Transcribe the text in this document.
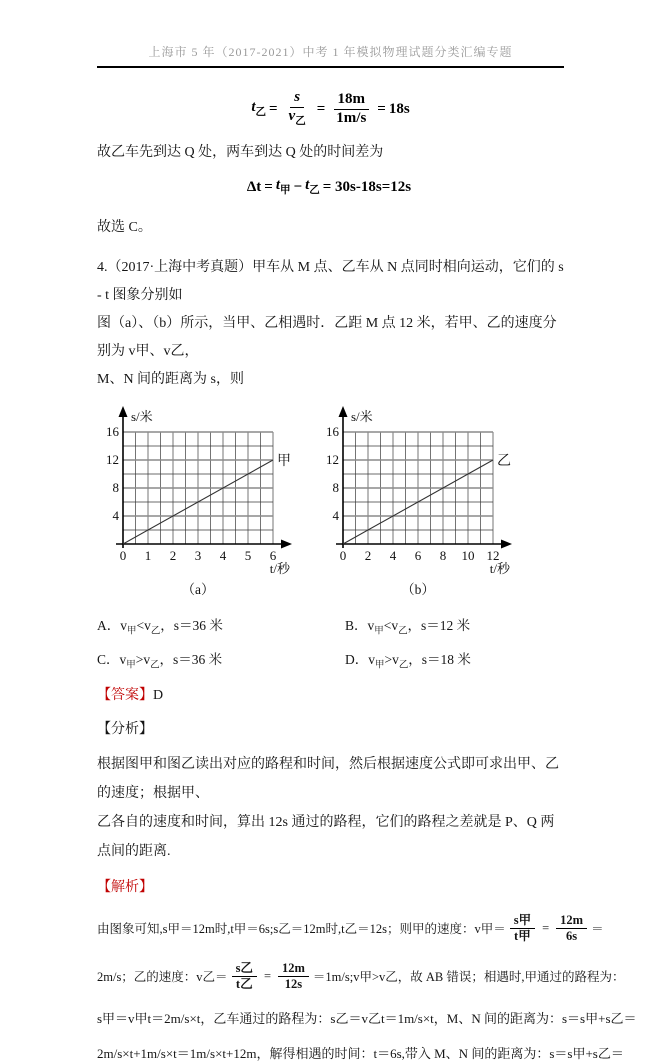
上海市 5 年（2017-2021）中考 1 年模拟物理试题分类汇编专题
$t_乙 = \frac{s}{v_乙} = \frac{18m}{1m/s} = 18s$
故乙车先到达 Q 处，两车到达 Q 处的时间差为
$\Delta t = t_甲 - t_乙 = 30s-18s=12s$
故选 C。
4.（2017·上海中考真题）甲车从 M 点、乙车从 N 点同时相向运动，它们的 s - t 图象分别如
图（a）、（b）所示，当甲、乙相遇时．乙距 M 点 12 米，若甲、乙的速度分别为 v甲、v乙，
M、N 间的距离为 s，则
s/米
16
12
8
4
0 1 2 3 4 5 6
t/秒
甲
（a）
s/米
16
12
8
4
0 2 4 6 8 10 12
t/秒
乙
（b）
A．$v_甲<v_乙$，s＝36 米	B．$v_甲<v_乙$，s＝12 米
C．$v_甲>v_乙$，s＝36 米	D．$v_甲>v_乙$，s＝18 米
【答案】D
【分析】
根据图甲和图乙读出对应的路程和时间，然后根据速度公式即可求出甲、乙的速度；根据甲、
乙各自的速度和时间，算出 12s 通过的路程，它们的路程之差就是 P、Q 两点间的距离.
【解析】
由图象可知,s甲＝12m时,t甲＝6s;s乙＝12m时,t乙＝12s；则甲的速度：v甲＝ $\frac{\text{s甲}}{\text{t甲}} = \frac{12m}{6s}$ ＝
2m/s；乙的速度：v乙＝ $\frac{\text{s乙}}{\text{t乙}} = \frac{12m}{12s}$ ＝1m/s;v甲>v乙，故 AB 错误；相遇时,甲通过的路程为：
s甲＝v甲t＝2m/s×t，乙车通过的路程为：s乙＝v乙t＝1m/s×t，M、N 间的距离为：s＝s甲+s乙＝
2m/s×t+1m/s×t＝1m/s×t+12m，解得相遇的时间：t＝6s,带入 M、N 间的距离为：s＝s甲+s乙＝
